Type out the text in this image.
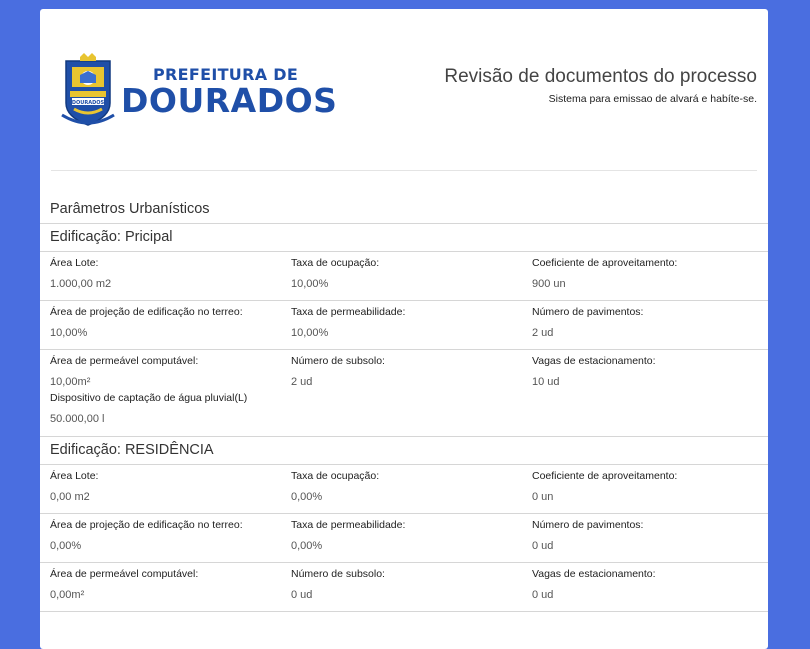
DOURADOS
PREFEITURA DE
DOURADOS
Revisão de documentos do processo
Sistema para emissao de alvará e habíte-se.
Parâmetros Urbanísticos
Edificação: Pricipal
Área Lote:
1.000,00 m2
Taxa de ocupação:
10,00%
Coeficiente de aproveitamento:
900 un
Área de projeção de edificação no terreo:
10,00%
Taxa de permeabilidade:
10,00%
Número de pavimentos:
2 ud
Área de permeável computável:
10,00m²
Número de subsolo:
2 ud
Vagas de estacionamento:
10 ud
Dispositivo de captação de água pluvial(L)
50.000,00 l
Edificação: RESIDÊNCIA
Área Lote:
0,00 m2
Taxa de ocupação:
0,00%
Coeficiente de aproveitamento:
0 un
Área de projeção de edificação no terreo:
0,00%
Taxa de permeabilidade:
0,00%
Número de pavimentos:
0 ud
Área de permeável computável:
0,00m²
Número de subsolo:
0 ud
Vagas de estacionamento:
0 ud
